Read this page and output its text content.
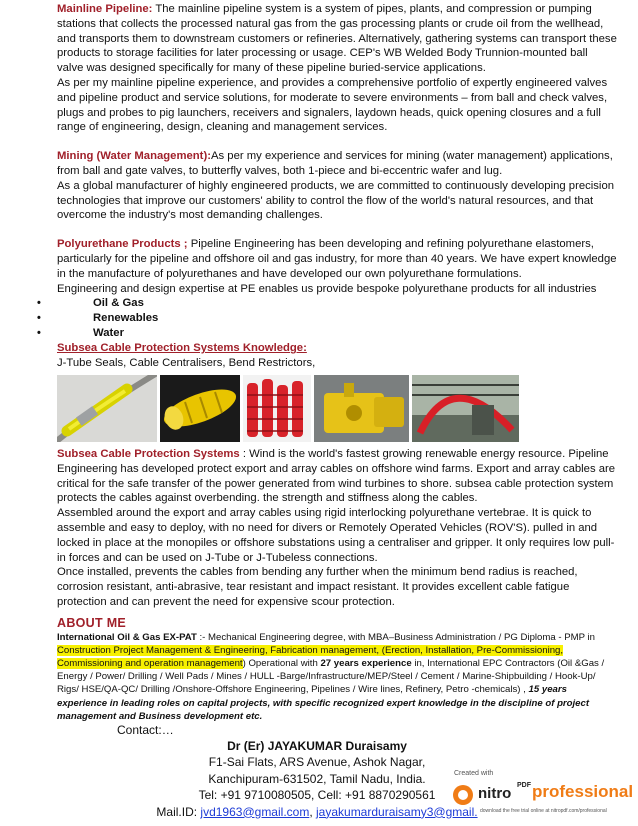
Mainline Pipeline: The mainline pipeline system is a system of pipes, plants, and compression or pumping stations that collects the processed natural gas from the gas processing plants or crude oil from the wellhead, and transports them to downstream customers or refineries. Alternatively, gathering systems can transport these products to storage facilities for later processing or usage. CEP's WB Welded Body Trunnion-mounted ball valve was designed specifically for many of these pipeline buried-service applications.

As per my mainline pipeline experience, and provides a comprehensive portfolio of expertly engineered valves and pipeline product and service solutions, for moderate to severe environments – from ball and check valves, plugs and probes to pig launchers, receivers and signalers, laydown heads, quick opening closures and a full range of engineering, design, cleaning and management services.

Mining (Water Management):As per my experience and services for mining (water management) applications, from ball and gate valves, to butterfly valves, both 1-piece and bi-eccentric wafer and lug.

As a global manufacturer of highly engineered products, we are committed to continuously developing precision technologies that improve our customers' ability to control the flow of the world's natural resources, and that overcome the industry's most demanding challenges.

Polyurethane Products ; Pipeline Engineering has been developing and refining polyurethane elastomers, particularly for the pipeline and offshore oil and gas industry, for more than 40 years. We have expert knowledge in the manufacture of polyurethanes and have developed our own polyurethane formulations.

Engineering and design expertise at PE enables us provide bespoke polyurethane products for all industries

• Oil & Gas
• Renewables
• Water

Subsea Cable Protection Systems Knowledge:

J-Tube Seals, Cable Centralisers, Bend Restrictors,

Subsea Cable Protection Systems : Wind is the world's fastest growing renewable energy resource. Pipeline Engineering has developed protect export and array cables on offshore wind farms. Export and array cables are critical for the safe transfer of the power generated from wind turbines to shore. subsea cable protection system protects the cables against overbending. the strength and stiffness along the cables.

Assembled around the export and array cables using rigid interlocking polyurethane vertebrae. It is quick to assemble and easy to deploy, with no need for divers or Remotely Operated Vehicles (ROV'S). pulled in and locked in place at the monopiles or offshore substations using a centraliser and gripper. It only requires low pull-in forces and can be used on J-Tube or J-Tubeless connections.

Once installed, prevents the cables from bending any further when the minimum bend radius is reached, corrosion resistant, anti-abrasive, tear resistant and impact resistant. It provides excellent cable fatigue protection and can prevent the need for expensive scour protection.

ABOUT ME

International Oil & Gas EX-PAT :- Mechanical Engineering degree, with MBA–Business Administration / PG Diploma - PMP in Construction Project Management & Engineering, Fabrication management, (Erection, Installation, Pre-Commissioning, Commissioning and operation management) Operational with 27 years experience in, International EPC Contractors (Oil &Gas / Energy / Power/ Drilling / Well Pads / Mines / HULL -Barge/Infrastructure/MEP/Steel / Cement / Marine-Shipbuilding / Hook-Up/ Rigs/ HSE/QA-QC/ Drilling /Onshore-Offshore Engineering, Pipelines / Wire lines, Refinery, Petro -chemicals) , 15 years experience in leading roles on capital projects, with specific recognized expert knowledge in the discipline of project management and Business development etc.

Contact:…

Dr (Er) JAYAKUMAR Duraisamy
F1-Sai Flats, ARS Avenue, Ashok Nagar,
Kanchipuram-631502, Tamil Nadu, India.
Tel: +91 9710080505, Cell: +91 8870290561
Mail.ID: jvd1963@gmail.com, jayakumarduraisamy3@gmail.
Created with
nitro PDF professional
download the free trial online at nitropdf.com/professional
